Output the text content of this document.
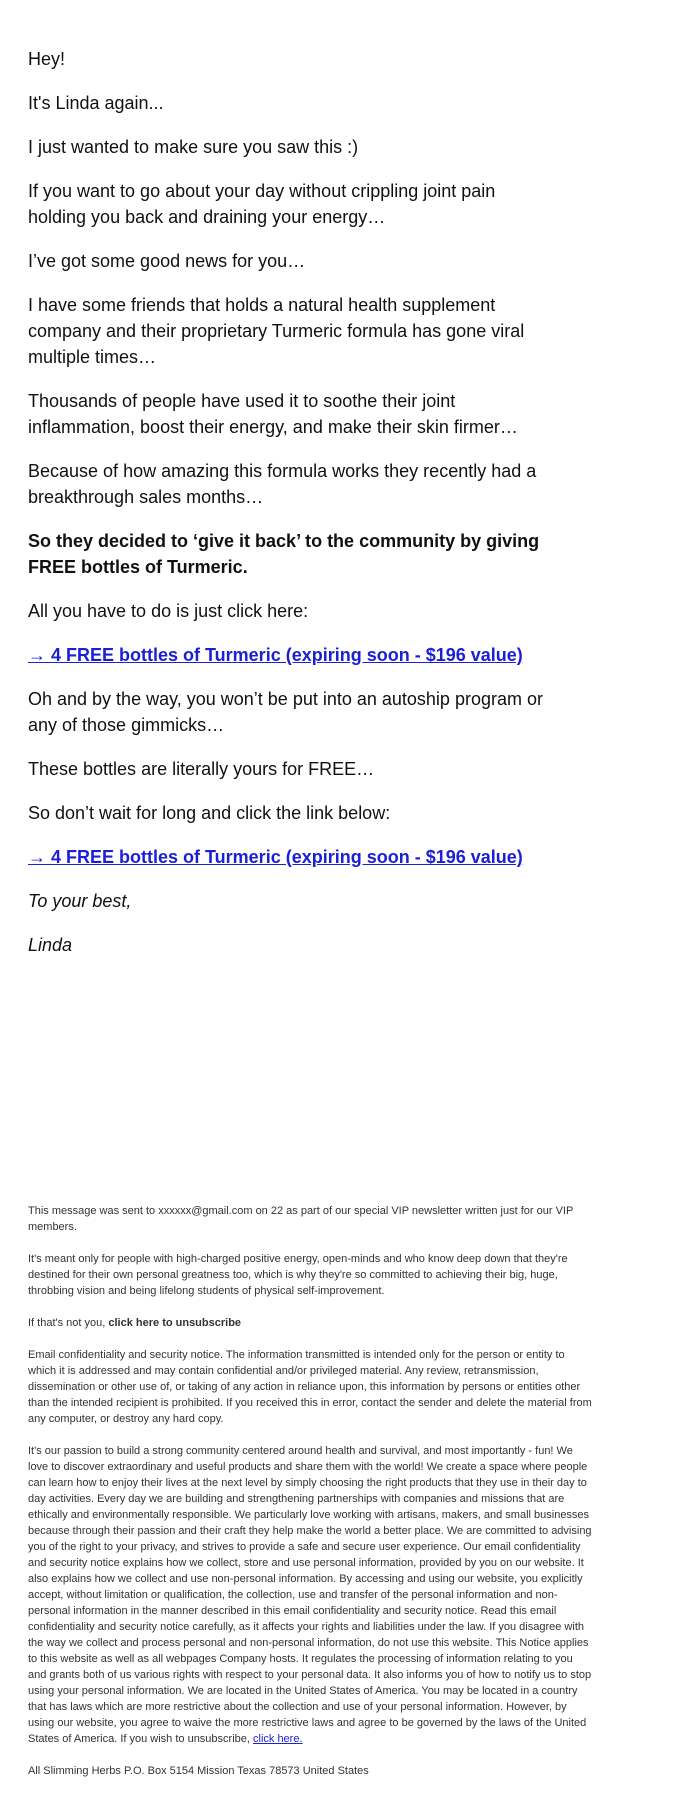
Hey!

It's Linda again...

I just wanted to make sure you saw this :)

If you want to go about your day without crippling joint pain holding you back and draining your energy…

I’ve got some good news for you…

I have some friends that holds a natural health supplement company and their proprietary Turmeric formula has gone viral multiple times…

Thousands of people have used it to soothe their joint inflammation, boost their energy, and make their skin firmer…

Because of how amazing this formula works they recently had a breakthrough sales months…

So they decided to ‘give it back’ to the community by giving FREE bottles of Turmeric.

All you have to do is just click here:

→ 4 FREE bottles of Turmeric (expiring soon - $196 value)

Oh and by the way, you won’t be put into an autoship program or any of those gimmicks…

These bottles are literally yours for FREE…

So don’t wait for long and click the link below:

→ 4 FREE bottles of Turmeric (expiring soon - $196 value)

To your best,

Linda

This message was sent to xxxxxx@gmail.com on 22 as part of our special VIP newsletter written just for our VIP members.

It's meant only for people with high-charged positive energy, open-minds and who know deep down that they're destined for their own personal greatness too, which is why they're so committed to achieving their big, huge, throbbing vision and being lifelong students of physical self-improvement.

If that's not you, click here to unsubscribe

Email confidentiality and security notice. The information transmitted is intended only for the person or entity to which it is addressed and may contain confidential and/or privileged material. Any review, retransmission, dissemination or other use of, or taking of any action in reliance upon, this information by persons or entities other than the intended recipient is prohibited. If you received this in error, contact the sender and delete the material from any computer, or destroy any hard copy.

It's our passion to build a strong community centered around health and survival, and most importantly - fun! We love to discover extraordinary and useful products and share them with the world! We create a space where people can learn how to enjoy their lives at the next level by simply choosing the right products that they use in their day to day activities. Every day we are building and strengthening partnerships with companies and missions that are ethically and environmentally responsible. We particularly love working with artisans, makers, and small businesses because through their passion and their craft they help make the world a better place. We are committed to advising you of the right to your privacy, and strives to provide a safe and secure user experience. Our email confidentiality and security notice explains how we collect, store and use personal information, provided by you on our website. It also explains how we collect and use non-personal information. By accessing and using our website, you explicitly accept, without limitation or qualification, the collection, use and transfer of the personal information and non-personal information in the manner described in this email confidentiality and security notice. Read this email confidentiality and security notice carefully, as it affects your rights and liabilities under the law. If you disagree with the way we collect and process personal and non-personal information, do not use this website. This Notice applies to this website as well as all webpages Company hosts. It regulates the processing of information relating to you and grants both of us various rights with respect to your personal data. It also informs you of how to notify us to stop using your personal information. We are located in the United States of America. You may be located in a country that has laws which are more restrictive about the collection and use of your personal information. However, by using our website, you agree to waive the more restrictive laws and agree to be governed by the laws of the United States of America. If you wish to unsubscribe, click here.

All Slimming Herbs P.O. Box 5154 Mission Texas 78573 United States
